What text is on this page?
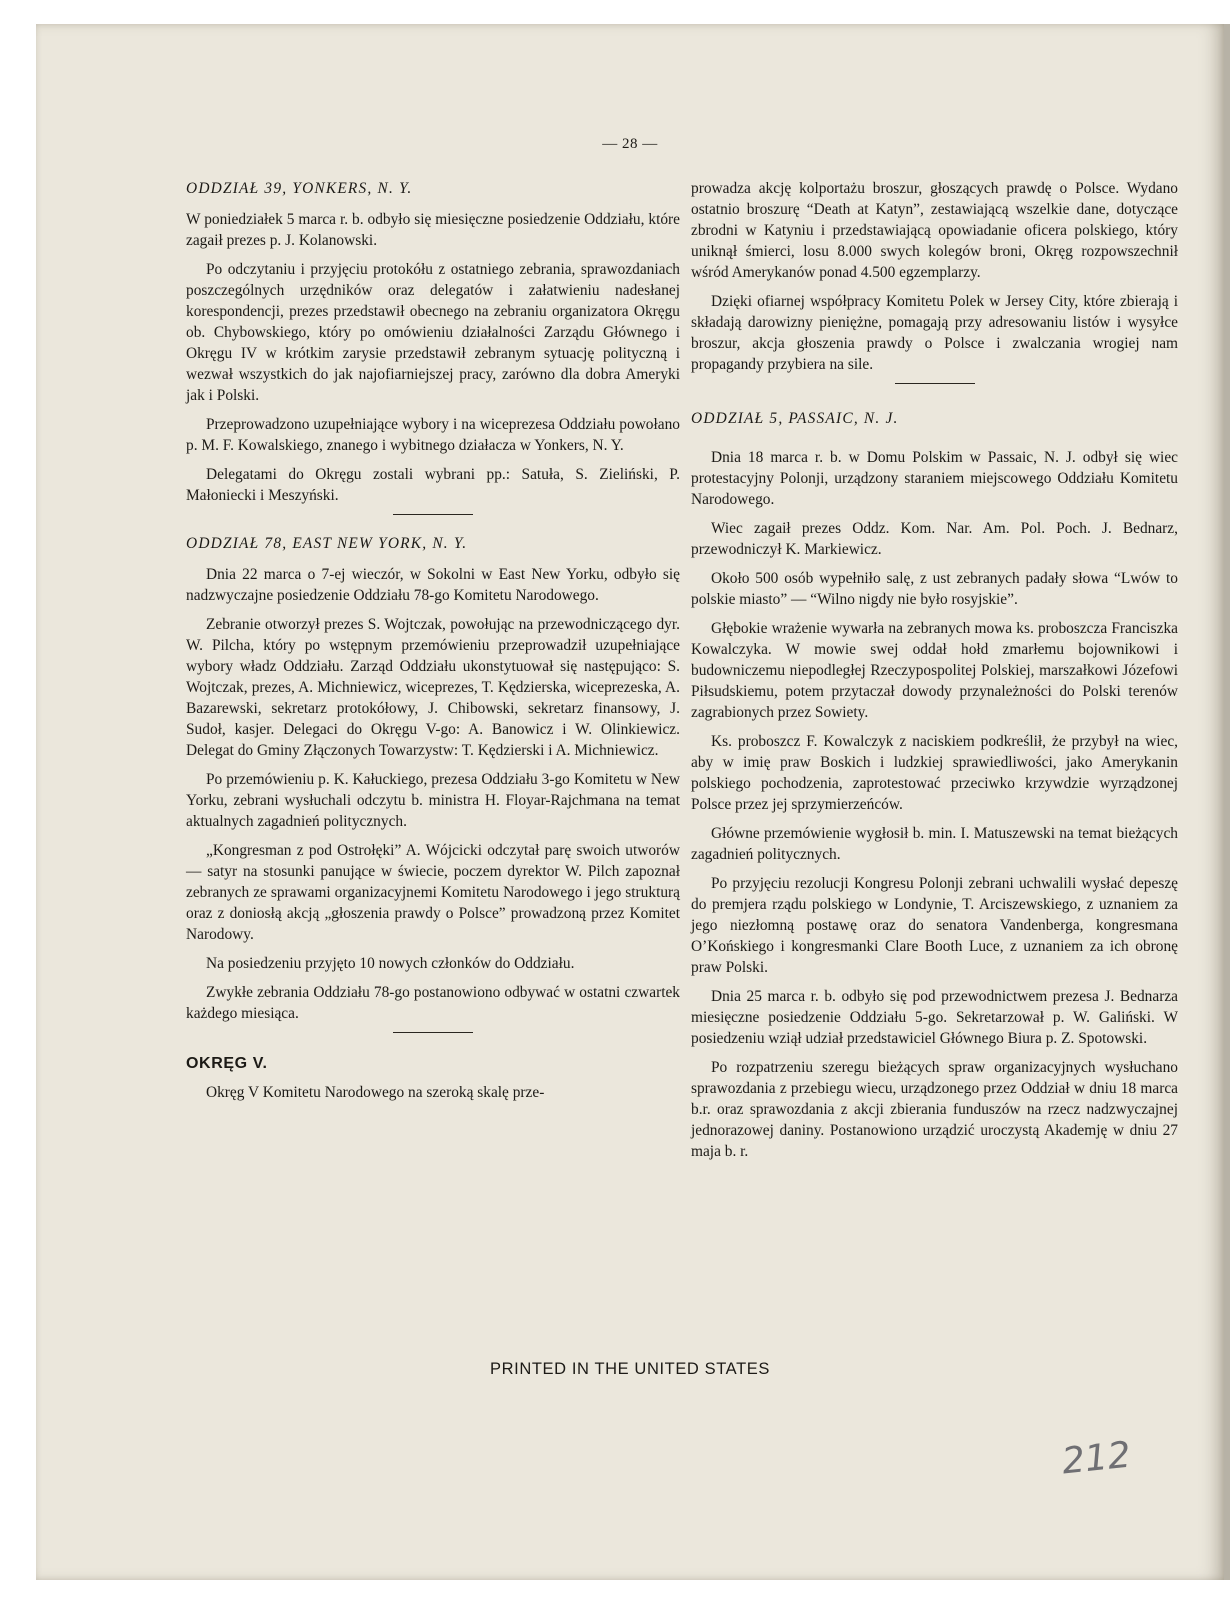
— 28 —
ODDZIAŁ 39, YONKERS, N. Y.

W poniedziałek 5 marca r. b. odbyło się miesięczne posiedzenie Oddziału, które zagaił prezes p. J. Kolanowski.

Po odczytaniu i przyjęciu protokółu z ostatniego zebrania, sprawozdaniach poszczególnych urzędników oraz delegatów i załatwieniu nadesłanej korespondencji, prezes przedstawił obecnego na zebraniu organizatora Okręgu ob. Chybowskiego, który po omówieniu działalności Zarządu Głównego i Okręgu IV w krótkim zarysie przedstawił zebranym sytuację polityczną i wezwał wszystkich do jak najofiarniejszej pracy, zarówno dla dobra Ameryki jak i Polski.

Przeprowadzono uzupełniające wybory i na wiceprezesa Oddziału powołano p. M. F. Kowalskiego, znanego i wybitnego działacza w Yonkers, N. Y.

Delegatami do Okręgu zostali wybrani pp.: Satuła, S. Zieliński, P. Małoniecki i Meszyński.

ODDZIAŁ 78, EAST NEW YORK, N. Y.

Dnia 22 marca o 7-ej wieczór, w Sokolni w East New Yorku, odbyło się nadzwyczajne posiedzenie Oddziału 78-go Komitetu Narodowego.

Zebranie otworzył prezes S. Wojtczak, powołując na przewodniczącego dyr. W. Pilcha, który po wstępnym przemówieniu przeprowadził uzupełniające wybory władz Oddziału. Zarząd Oddziału ukonstytuował się następująco: S. Wojtczak, prezes, A. Michniewicz, wiceprezes, T. Kędzierska, wiceprezeska, A. Bazarewski, sekretarz protokółowy, J. Chibowski, sekretarz finansowy, J. Sudoł, kasjer. Delegaci do Okręgu V-go: A. Banowicz i W. Olinkiewicz. Delegat do Gminy Złączonych Towarzystw: T. Kędzierski i A. Michniewicz.

Po przemówieniu p. K. Kałuckiego, prezesa Oddziału 3-go Komitetu w New Yorku, zebrani wysłuchali odczytu b. ministra H. Floyar-Rajchmana na temat aktualnych zagadnień politycznych.

„Kongresman z pod Ostrołęki” A. Wójcicki odczytał parę swoich utworów — satyr na stosunki panujące w świecie, poczem dyrektor W. Pilch zapoznał zebranych ze sprawami organizacyjnemi Komitetu Narodowego i jego strukturą oraz z doniosłą akcją „głoszenia prawdy o Polsce” prowadzoną przez Komitet Narodowy.

Na posiedzeniu przyjęto 10 nowych członków do Oddziału.

Zwykłe zebrania Oddziału 78-go postanowiono odbywać w ostatni czwartek każdego miesiąca.

OKRĘG V.

Okręg V Komitetu Narodowego na szeroką skalę prze-

prowadza akcję kolportażu broszur, głoszących prawdę o Polsce. Wydano ostatnio broszurę “Death at Katyn”, zestawiającą wszelkie dane, dotyczące zbrodni w Katyniu i przedstawiającą opowiadanie oficera polskiego, który uniknął śmierci, losu 8.000 swych kolegów broni, Okręg rozpowszechnił wśród Amerykanów ponad 4.500 egzemplarzy.

Dzięki ofiarnej współpracy Komitetu Polek w Jersey City, które zbierają i składają darowizny pieniężne, pomagają przy adresowaniu listów i wysyłce broszur, akcja głoszenia prawdy o Polsce i zwalczania wrogiej nam propagandy przybiera na sile.

ODDZIAŁ 5, PASSAIC, N. J.

Dnia 18 marca r. b. w Domu Polskim w Passaic, N. J. odbył się wiec protestacyjny Polonji, urządzony staraniem miejscowego Oddziału Komitetu Narodowego.

Wiec zagaił prezes Oddz. Kom. Nar. Am. Pol. Poch. J. Bednarz, przewodniczył K. Markiewicz.

Około 500 osób wypełniło salę, z ust zebranych padały słowa “Lwów to polskie miasto” — “Wilno nigdy nie było rosyjskie”.

Głębokie wrażenie wywarła na zebranych mowa ks. proboszcza Franciszka Kowalczyka. W mowie swej oddał hołd zmarłemu bojownikowi i budowniczemu niepodległej Rzeczypospolitej Polskiej, marszałkowi Józefowi Piłsudskiemu, potem przytaczał dowody przynależności do Polski terenów zagrabionych przez Sowiety.

Ks. proboszcz F. Kowalczyk z naciskiem podkreślił, że przybył na wiec, aby w imię praw Boskich i ludzkiej sprawiedliwości, jako Amerykanin polskiego pochodzenia, zaprotestować przeciwko krzywdzie wyrządzonej Polsce przez jej sprzymierzeńców.

Główne przemówienie wygłosił b. min. I. Matuszewski na temat bieżących zagadnień politycznych.

Po przyjęciu rezolucji Kongresu Polonji zebrani uchwalili wysłać depeszę do premjera rządu polskiego w Londynie, T. Arciszewskiego, z uznaniem za jego niezłomną postawę oraz do senatora Vandenberga, kongresmana O’Końskiego i kongresmanki Clare Booth Luce, z uznaniem za ich obronę praw Polski.

Dnia 25 marca r. b. odbyło się pod przewodnictwem prezesa J. Bednarza miesięczne posiedzenie Oddziału 5-go. Sekretarzował p. W. Galiński. W posiedzeniu wziął udział przedstawiciel Głównego Biura p. Z. Spotowski.

Po rozpatrzeniu szeregu bieżących spraw organizacyjnych wysłuchano sprawozdania z przebiegu wiecu, urządzonego przez Oddział w dniu 18 marca b.r. oraz sprawozdania z akcji zbierania funduszów na rzecz nadzwyczajnej jednorazowej daniny. Postanowiono urządzić uroczystą Akademję w dniu 27 maja b. r.

PRINTED IN THE UNITED STATES
212
